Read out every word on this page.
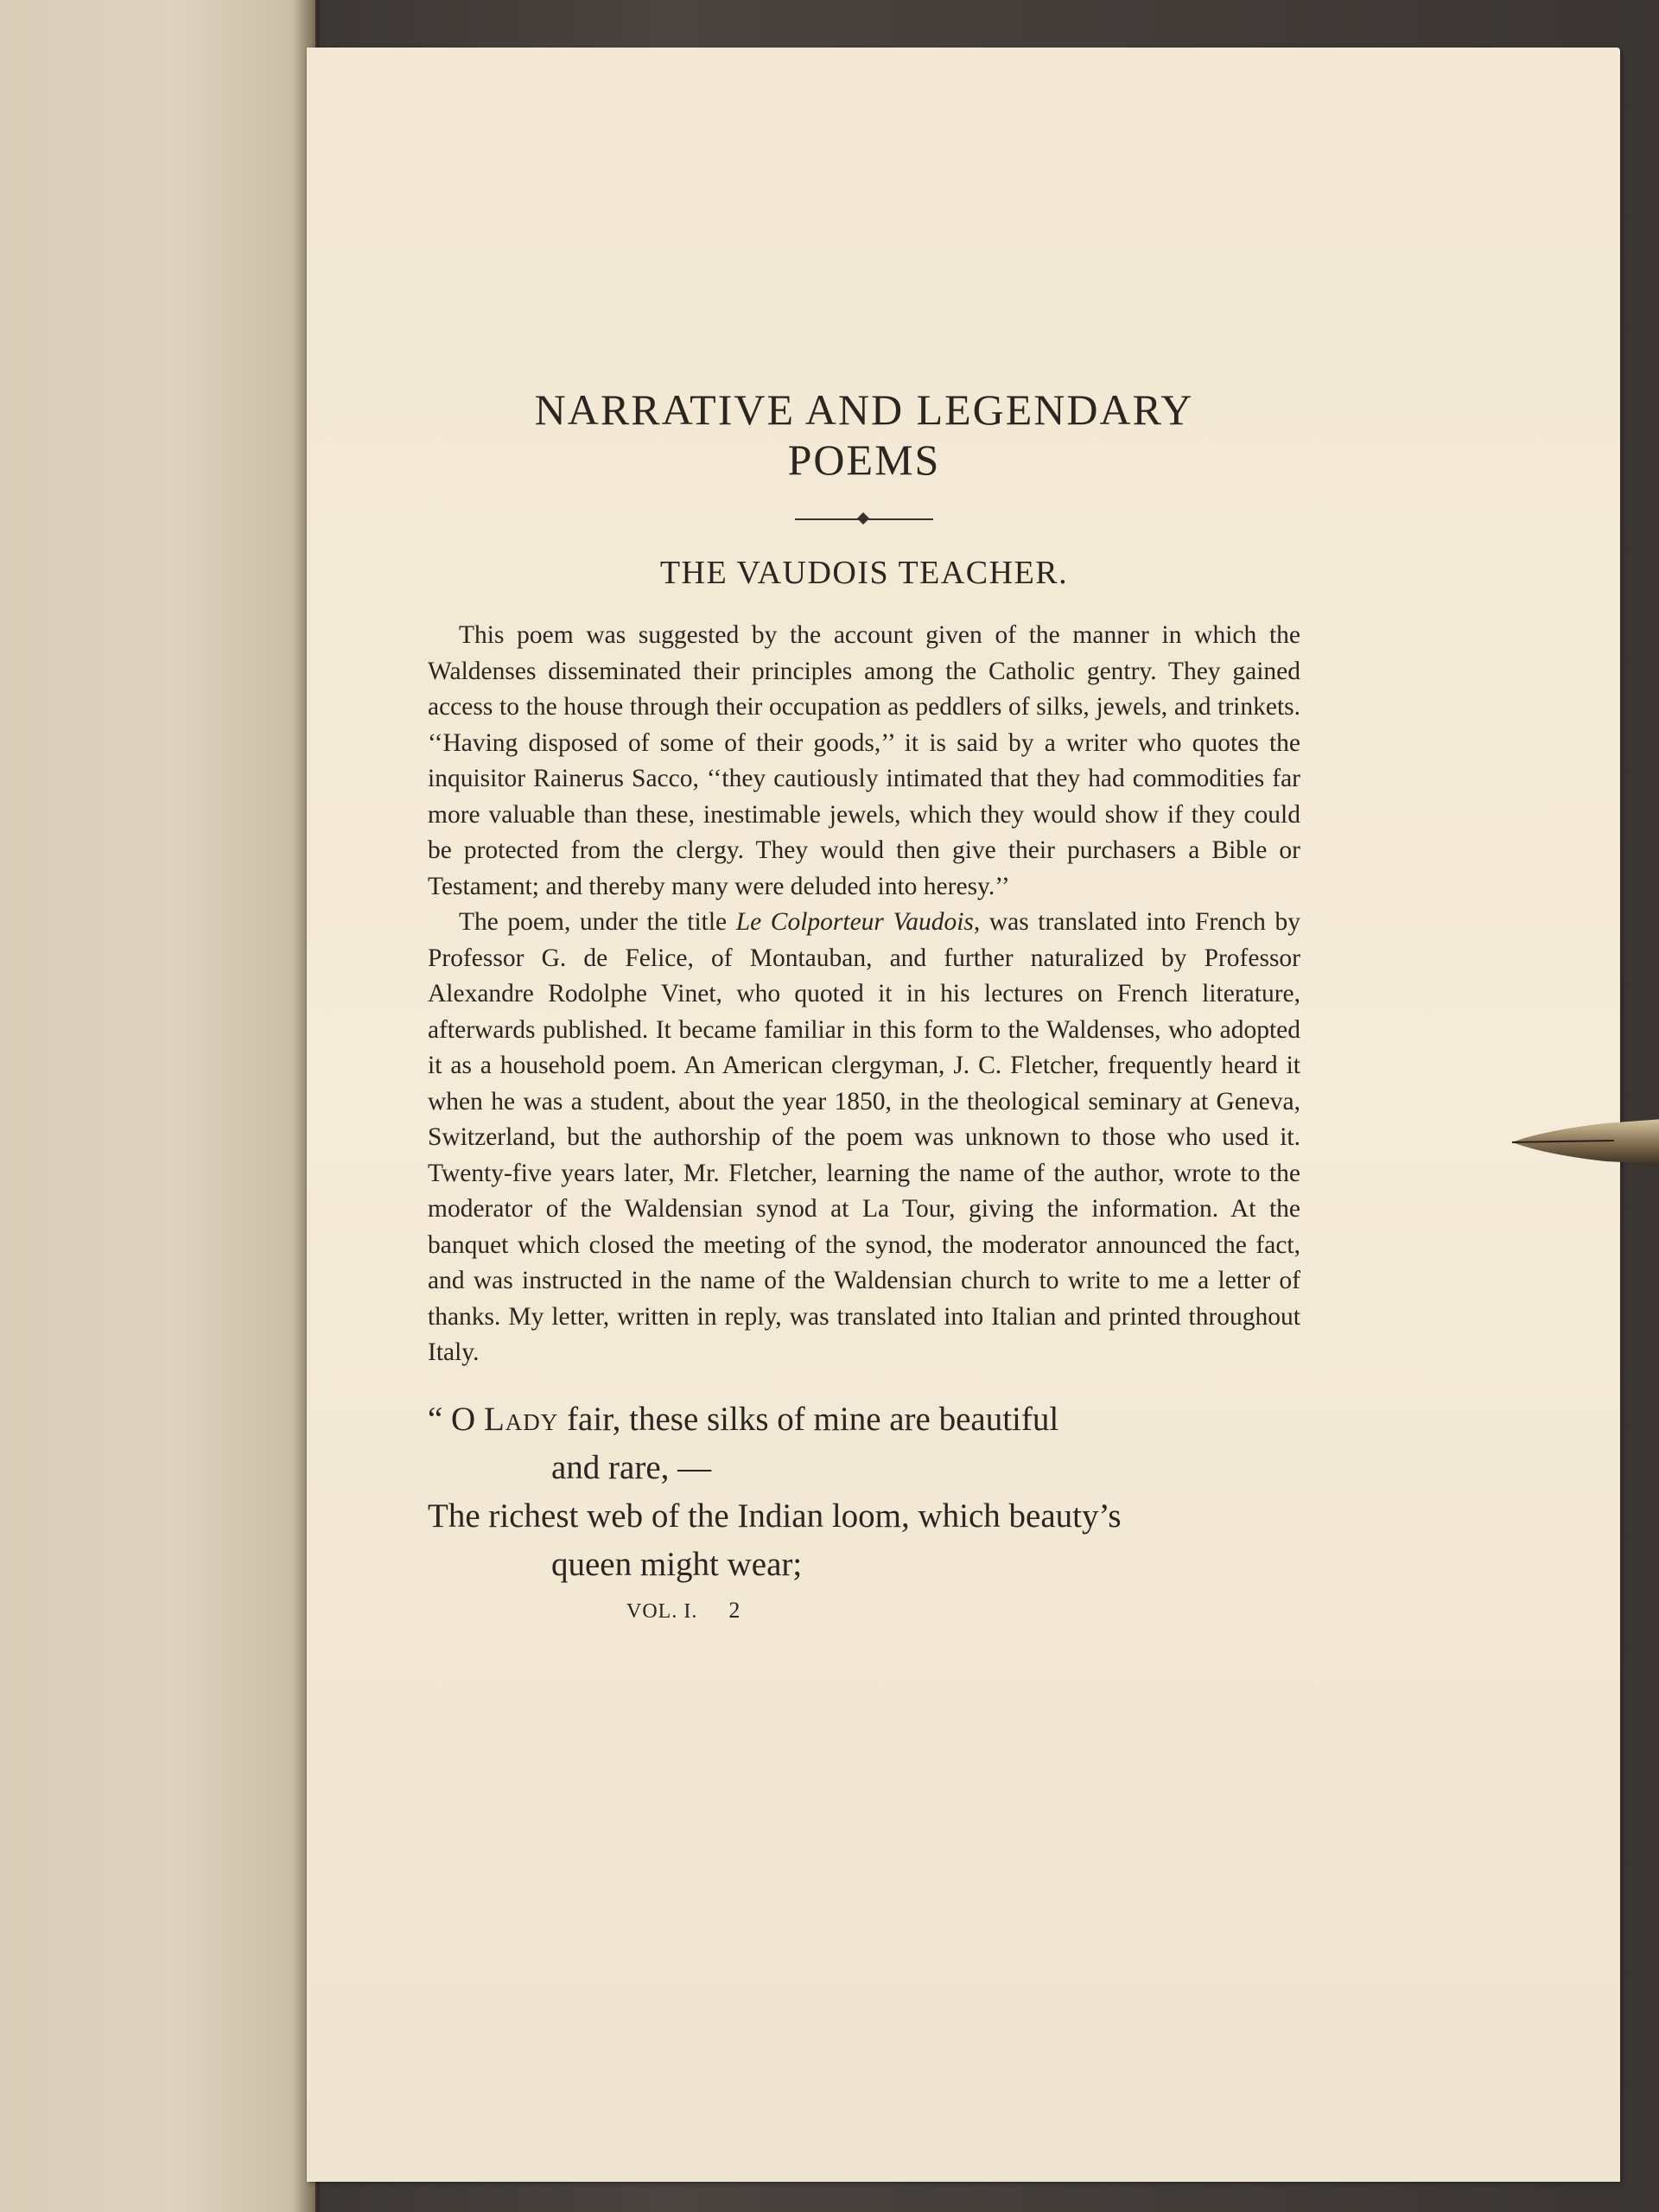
NARRATIVE AND LEGENDARY
POEMS
THE VAUDOIS TEACHER.

This poem was suggested by the account given of the manner in which the Waldenses disseminated their principles among the Catholic gentry. They gained access to the house through their occupation as peddlers of silks, jewels, and trinkets. ‘‘Having disposed of some of their goods,’’ it is said by a writer who quotes the inquisitor Rainerus Sacco, ‘‘they cautiously intimated that they had commodities far more valuable than these, inestimable jewels, which they would show if they could be protected from the clergy. They would then give their purchasers a Bible or Testament; and thereby many were deluded into heresy.’’

The poem, under the title Le Colporteur Vaudois, was translated into French by Professor G. de Felice, of Montauban, and further naturalized by Professor Alexandre Rodolphe Vinet, who quoted it in his lectures on French literature, afterwards published. It became familiar in this form to the Waldenses, who adopted it as a household poem. An American clergyman, J. C. Fletcher, frequently heard it when he was a student, about the year 1850, in the theological seminary at Geneva, Switzerland, but the authorship of the poem was unknown to those who used it. Twenty-five years later, Mr. Fletcher, learning the name of the author, wrote to the moderator of the Waldensian synod at La Tour, giving the information. At the banquet which closed the meeting of the synod, the moderator announced the fact, and was instructed in the name of the Waldensian church to write to me a letter of thanks. My letter, written in reply, was translated into Italian and printed throughout Italy.

“ O Lady fair, these silks of mine are beautiful
and rare, —
The richest web of the Indian loom, which beauty’s
queen might wear;
VOL. I. 2
